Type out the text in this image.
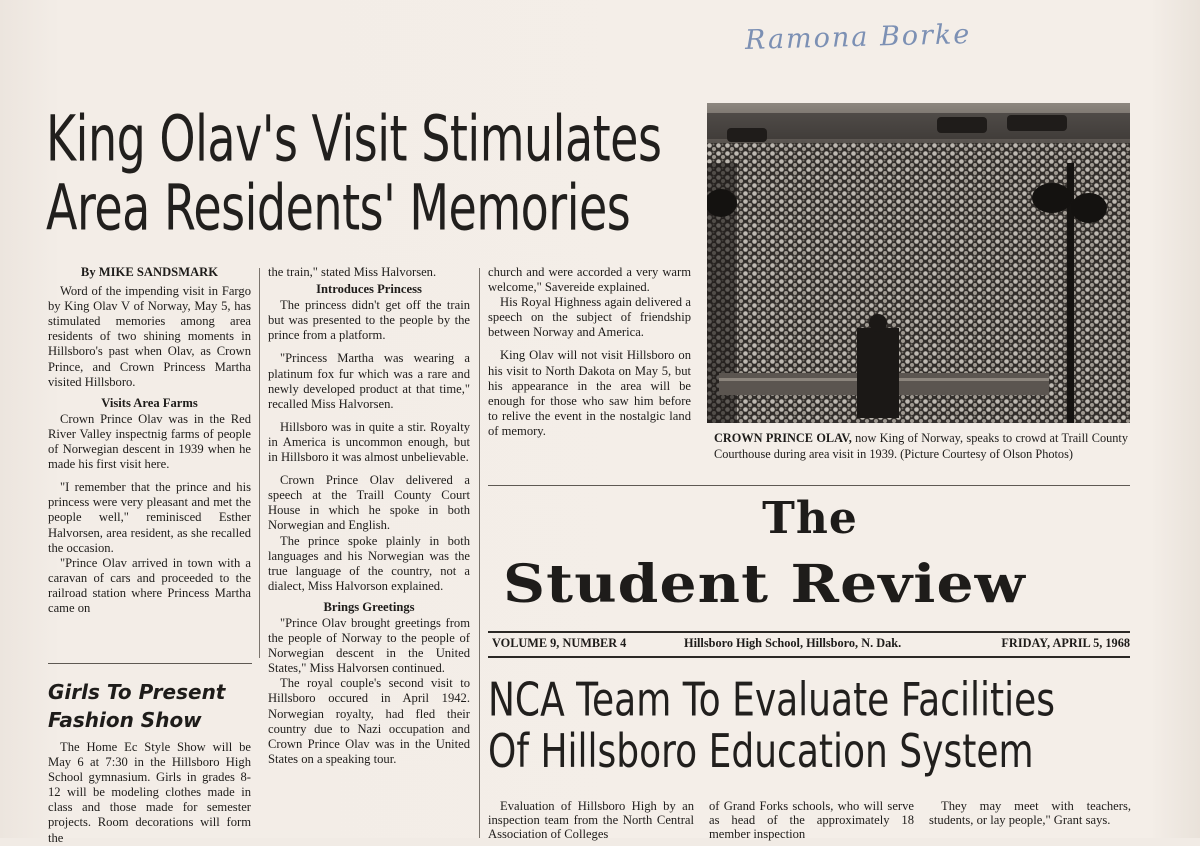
Ramona Borke
King Olav's Visit Stimulates
Area Residents' Memories

By MIKE SANDSMARK

Word of the impending visit in Fargo by King Olav V of Norway, May 5, has stimulated memories among area residents of two shining moments in Hillsboro's past when Olav, as Crown Prince, and Crown Princess Martha visited Hillsboro.

Visits Area Farms

Crown Prince Olav was in the Red River Valley inspectnig farms of people of Norwegian descent in 1939 when he made his first visit here.

"I remember that the prince and his princess were very pleasant and met the people well," reminisced Esther Halvorsen, area resident, as she recalled the occasion.

"Prince Olav arrived in town with a caravan of cars and proceeded to the railroad station where Princess Martha came on

the train," stated Miss Halvorsen.

Introduces Princess

The princess didn't get off the train but was presented to the people by the prince from a platform.

"Princess Martha was wearing a platinum fox fur which was a rare and newly developed product at that time," recalled Miss Halvorsen.

Hillsboro was in quite a stir. Royalty in America is uncommon enough, but in Hillsboro it was almost unbelievable.

Crown Prince Olav delivered a speech at the Traill County Court House in which he spoke in both Norwegian and English.

The prince spoke plainly in both languages and his Norwegian was the true language of the country, not a dialect, Miss Halvorson explained.

Brings Greetings

"Prince Olav brought greetings from the people of Norway to the people of Norwegian descent in the United States," Miss Halvorsen continued.

The royal couple's second visit to Hillsboro occured in April 1942. Norwegian royalty, had fled their country due to Nazi occupation and Crown Prince Olav was in the United States on a speaking tour.

church and were accorded a very warm welcome," Savereide explained.

His Royal Highness again delivered a speech on the subject of friendship between Norway and America.

King Olav will not visit Hillsboro on his visit to North Dakota on May 5, but his appearance in the area will be enough for those who saw him before to relive the event in the nostalgic land of memory.

CROWN PRINCE OLAV, now King of Norway, speaks to crowd at Traill County Courthouse during area visit in 1939. (Picture Courtesy of Olson Photos)
The
Student Review
VOLUME 9, NUMBER 4	Hillsboro High School, Hillsboro, N. Dak.	FRIDAY, APRIL 5, 1968
Girls To Present
Fashion Show

The Home Ec Style Show will be May 6 at 7:30 in the Hillsboro High School gymnasium. Girls in grades 8-12 will be modeling clothes made in class and those made for semester projects. Room decorations will form the

NCA Team To Evaluate Facilities
Of Hillsboro Education System

Evaluation of Hillsboro High by an inspection team from the North Central Association of Colleges

of Grand Forks schools, who will serve as head of the approximately 18 member inspection

They may meet with teachers, students, or lay people," Grant says.
